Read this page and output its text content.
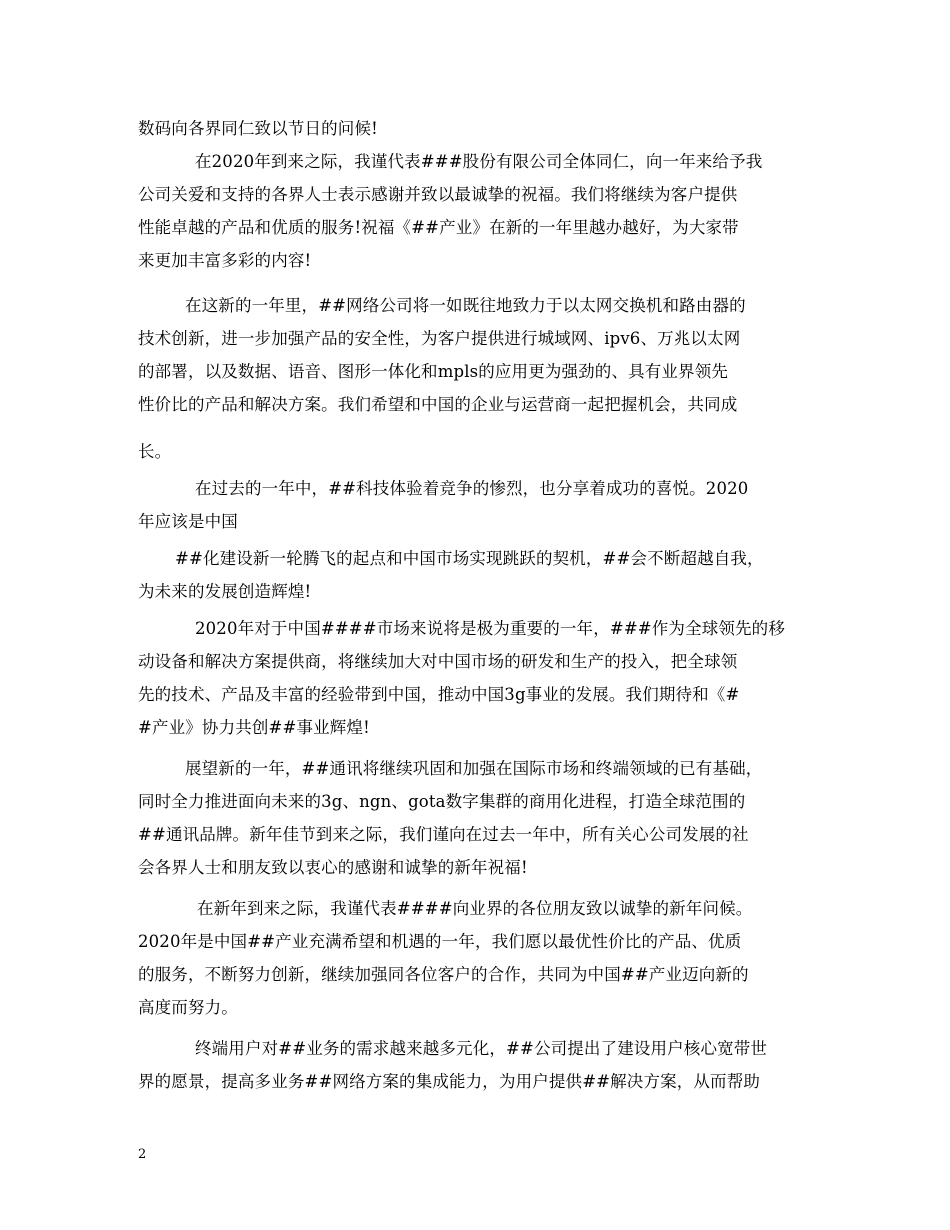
数码向各界同仁致以节日的问候!
在2020年到来之际，我谨代表###股份有限公司全体同仁，向一年来给予我
公司关爱和支持的各界人士表示感谢并致以最诚挚的祝福。我们将继续为客户提供
性能卓越的产品和优质的服务!祝福《##产业》在新的一年里越办越好，为大家带
来更加丰富多彩的内容!
在这新的一年里，##网络公司将一如既往地致力于以太网交换机和路由器的
技术创新，进一步加强产品的安全性，为客户提供进行城域网、ipv6、万兆以太网
的部署，以及数据、语音、图形一体化和mpls的应用更为强劲的、具有业界领先
性价比的产品和解决方案。我们希望和中国的企业与运营商一起把握机会，共同成
长。
在过去的一年中，##科技体验着竞争的惨烈，也分享着成功的喜悦。2020
年应该是中国
##化建设新一轮腾飞的起点和中国市场实现跳跃的契机，##会不断超越自我，
为未来的发展创造辉煌!
2020年对于中国####市场来说将是极为重要的一年，###作为全球领先的移
动设备和解决方案提供商，将继续加大对中国市场的研发和生产的投入，把全球领
先的技术、产品及丰富的经验带到中国，推动中国3g事业的发展。我们期待和《#
#产业》协力共创##事业辉煌!
展望新的一年，##通讯将继续巩固和加强在国际市场和终端领域的已有基础，
同时全力推进面向未来的3g、ngn、gota数字集群的商用化进程，打造全球范围的
##通讯品牌。新年佳节到来之际，我们谨向在过去一年中，所有关心公司发展的社
会各界人士和朋友致以衷心的感谢和诚挚的新年祝福!
在新年到来之际，我谨代表####向业界的各位朋友致以诚挚的新年问候。
2020年是中国##产业充满希望和机遇的一年，我们愿以最优性价比的产品、优质
的服务，不断努力创新，继续加强同各位客户的合作，共同为中国##产业迈向新的
高度而努力。
终端用户对##业务的需求越来越多元化，##公司提出了建设用户核心宽带世
界的愿景，提高多业务##网络方案的集成能力，为用户提供##解决方案，从而帮助
2
